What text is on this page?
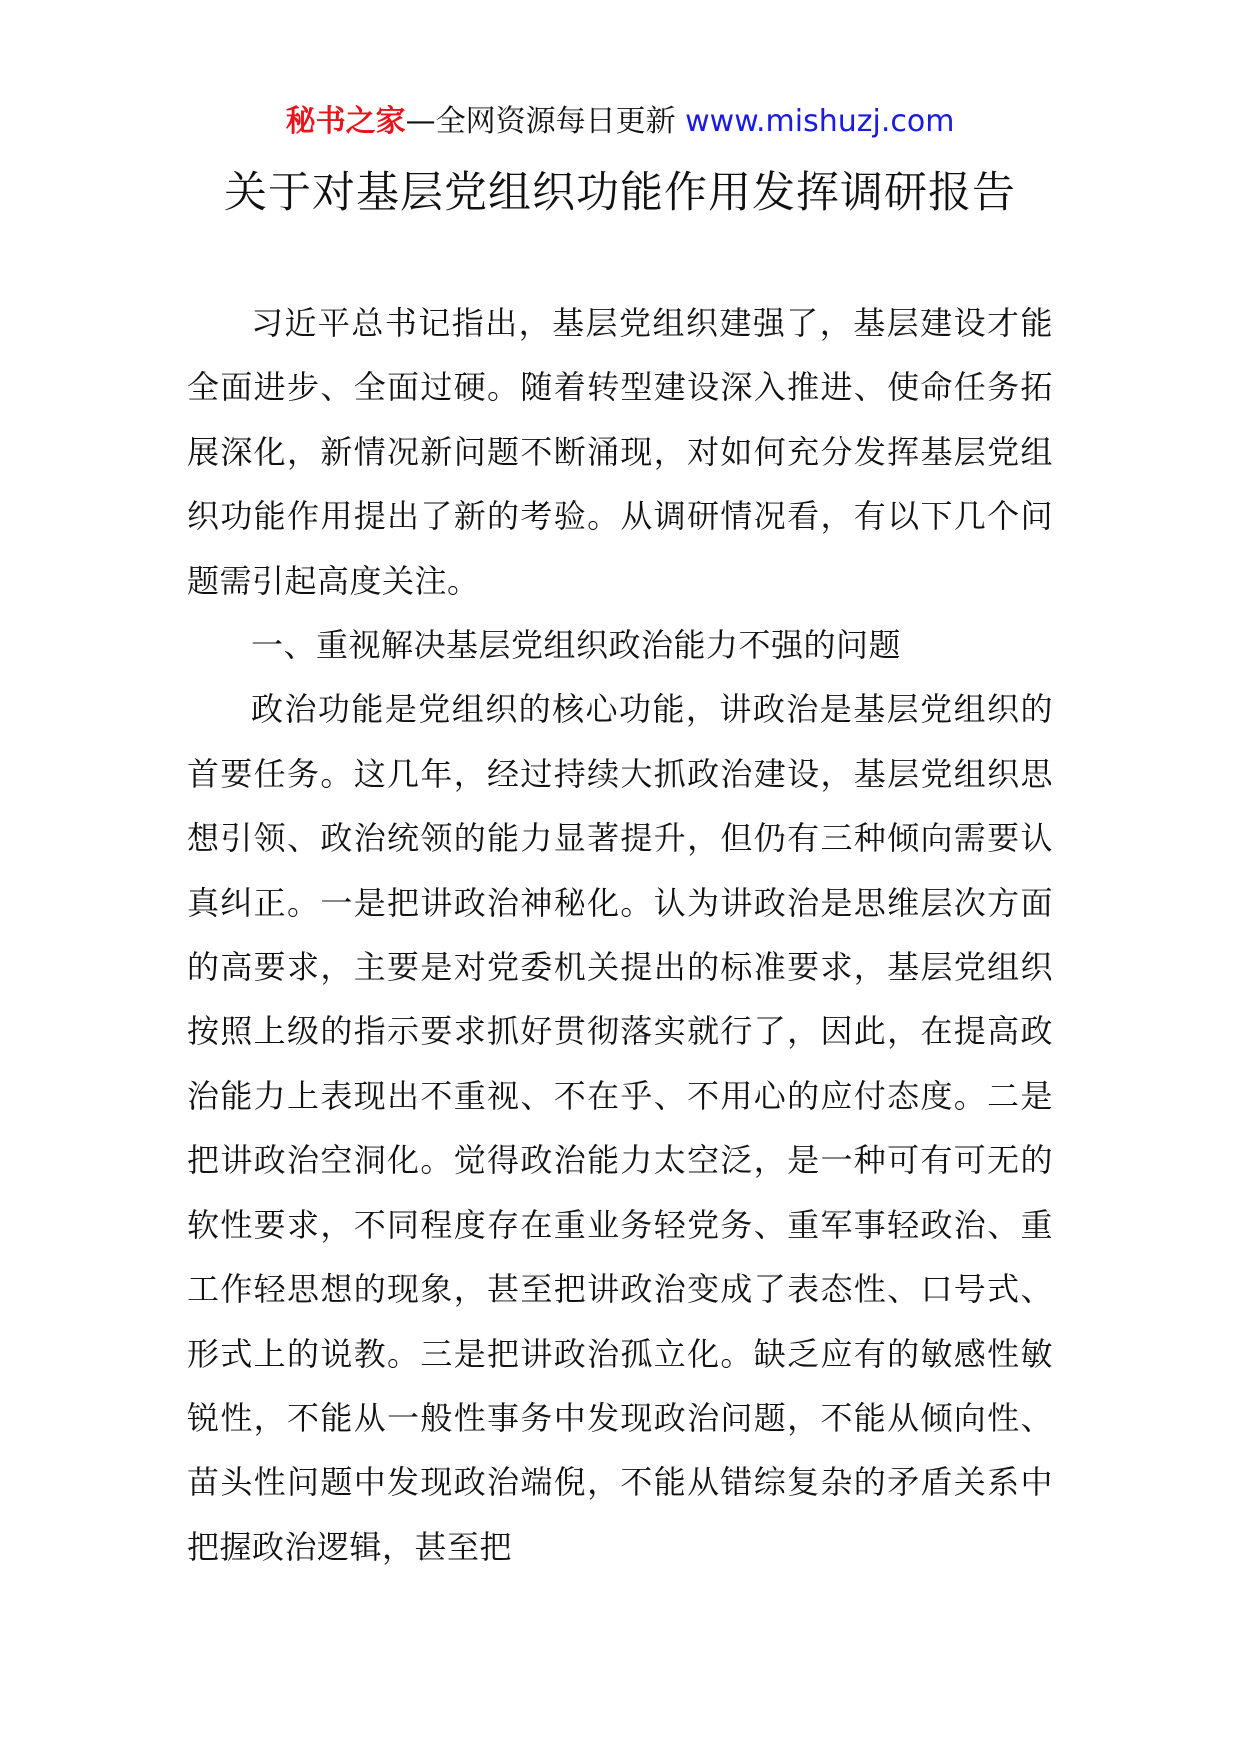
秘书之家—全网资源每日更新 www.mishuzj.com
关于对基层党组织功能作用发挥调研报告

习近平总书记指出，基层党组织建强了，基层建设才能全面进步、全面过硬。随着转型建设深入推进、使命任务拓展深化，新情况新问题不断涌现，对如何充分发挥基层党组织功能作用提出了新的考验。从调研情况看，有以下几个问题需引起高度关注。

一、重视解决基层党组织政治能力不强的问题

政治功能是党组织的核心功能，讲政治是基层党组织的首要任务。这几年，经过持续大抓政治建设，基层党组织思想引领、政治统领的能力显著提升，但仍有三种倾向需要认真纠正。一是把讲政治神秘化。认为讲政治是思维层次方面的高要求，主要是对党委机关提出的标准要求，基层党组织按照上级的指示要求抓好贯彻落实就行了，因此，在提高政治能力上表现出不重视、不在乎、不用心的应付态度。二是把讲政治空洞化。觉得政治能力太空泛，是一种可有可无的软性要求，不同程度存在重业务轻党务、重军事轻政治、重工作轻思想的现象，甚至把讲政治变成了表态性、口号式、形式上的说教。三是把讲政治孤立化。缺乏应有的敏感性敏锐性，不能从一般性事务中发现政治问题，不能从倾向性、苗头性问题中发现政治端倪，不能从错综复杂的矛盾关系中把握政治逻辑，甚至把
